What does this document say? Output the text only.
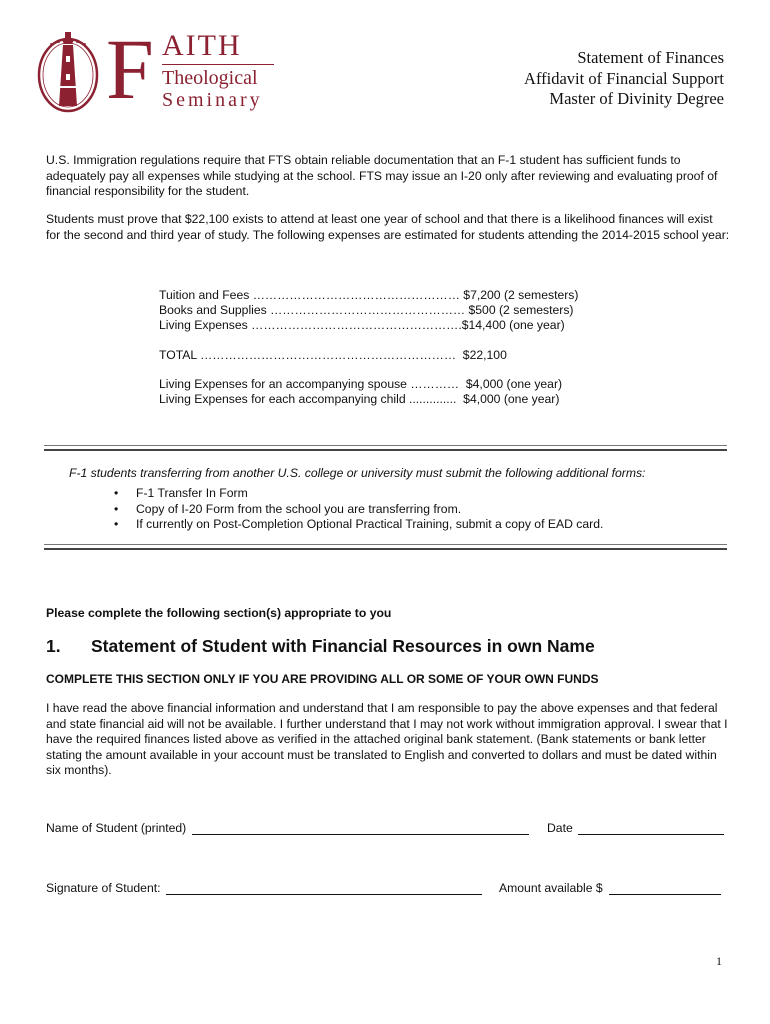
F AITH
Theological
Seminary
Statement of Finances
Affidavit of Financial Support
Master of Divinity Degree
U.S. Immigration regulations require that FTS obtain reliable documentation that an F-1 student has sufficient funds to adequately pay all expenses while studying at the school. FTS may issue an I-20 only after reviewing and evaluating proof of financial responsibility for the student.
Students must prove that $22,100 exists to attend at least one year of school and that there is a likelihood finances will exist for the second and third year of study. The following expenses are estimated for students attending the 2014-2015 school year:
Tuition and Fees …………………………………………… $7,200 (2 semesters)
Books and Supplies ………………………………………… $500 (2 semesters)
Living Expenses …………………………………………….$14,400 (one year)
TOTAL ………………………………………………………  $22,100
Living Expenses for an accompanying spouse …………  $4,000 (one year)
Living Expenses for each accompanying child ..............  $4,000 (one year)
F-1 students transferring from another U.S. college or university must submit the following additional forms:
• F-1 Transfer In Form
• Copy of I-20 Form from the school you are transferring from.
• If currently on Post-Completion Optional Practical Training, submit a copy of EAD card.
Please complete the following section(s) appropriate to you
1. Statement of Student with Financial Resources in own Name
COMPLETE THIS SECTION ONLY IF YOU ARE PROVIDING ALL OR SOME OF YOUR OWN FUNDS
I have read the above financial information and understand that I am responsible to pay the above expenses and that federal and state financial aid will not be available. I further understand that I may not work without immigration approval. I swear that I have the required finances listed above as verified in the attached original bank statement. (Bank statements or bank letter stating the amount available in your account must be translated to English and converted to dollars and must be dated within six months).
Name of Student (printed)	Date
Signature of Student:	Amount available $
1
